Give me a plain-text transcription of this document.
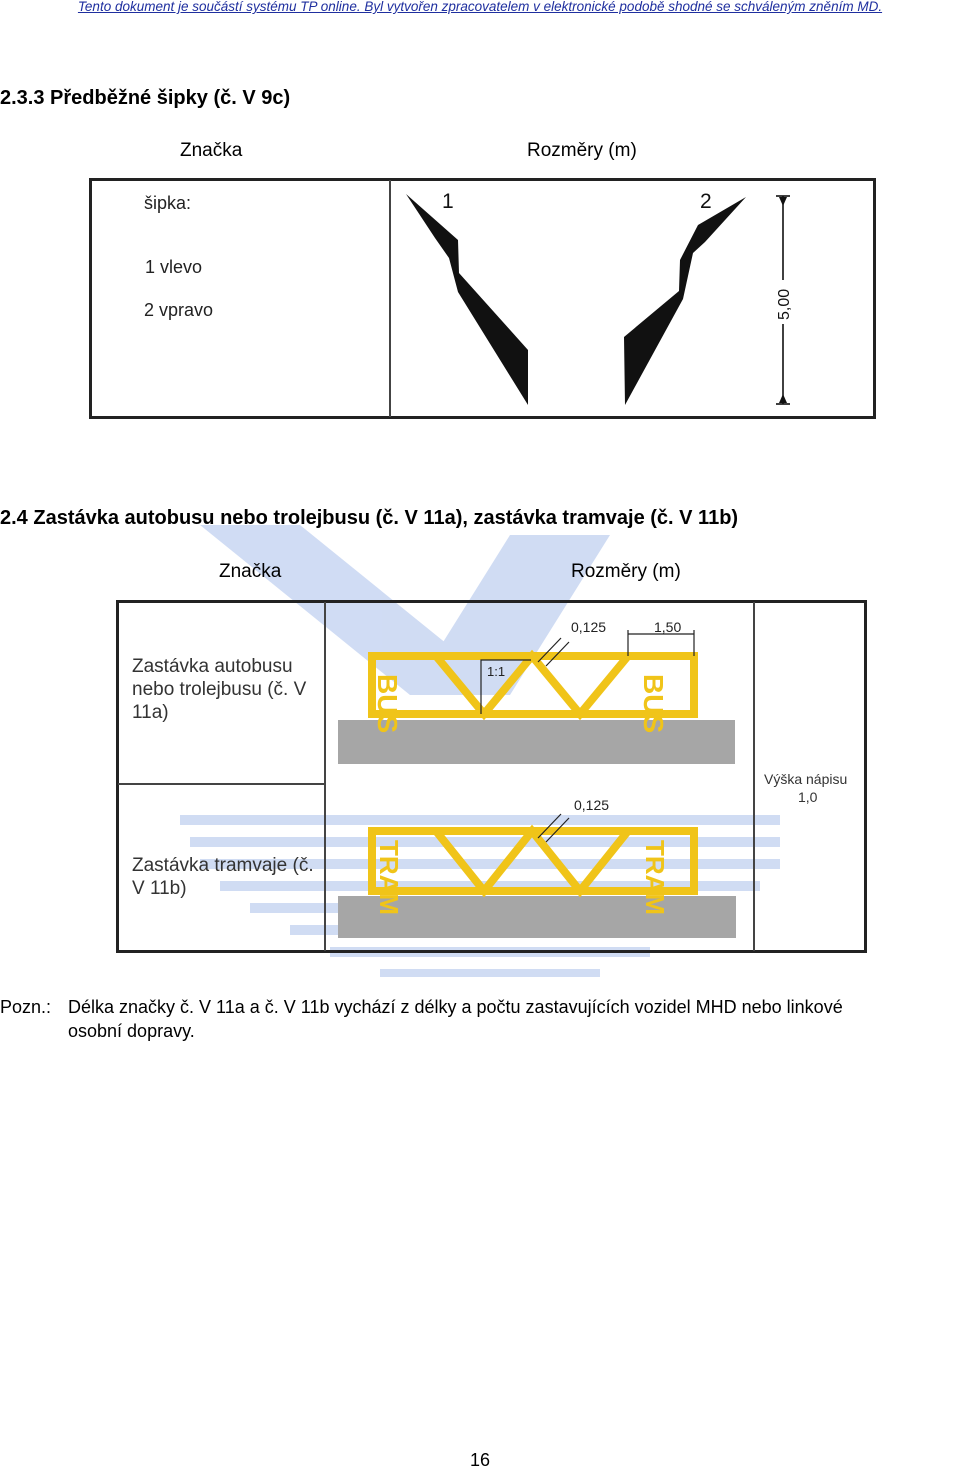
Tento dokument je součástí systému TP online. Byl vytvořen zpracovatelem v elektronické podobě shodné se schváleným zněním MD.
2.3.3 Předběžné šipky (č. V 9c)
Značka	Rozměry (m)
šipka:
1 vlevo
2 vpravo
1	2
5,00
2.4 Zastávka autobusu nebo trolejbusu (č. V 11a), zastávka tramvaje (č. V 11b)
Značka	Rozměry (m)
Zastávka autobusu nebo trolejbusu (č. V 11a)
Zastávka tramvaje (č. V 11b)
BUS	BUS
1:1
0,125	1,50
TRAM	TRAM
0,125
Výška nápisu
1,0
Pozn.: Délka značky č. V 11a a č. V 11b vychází z délky a počtu zastavujících vozidel MHD nebo linkové
osobní dopravy.
16
